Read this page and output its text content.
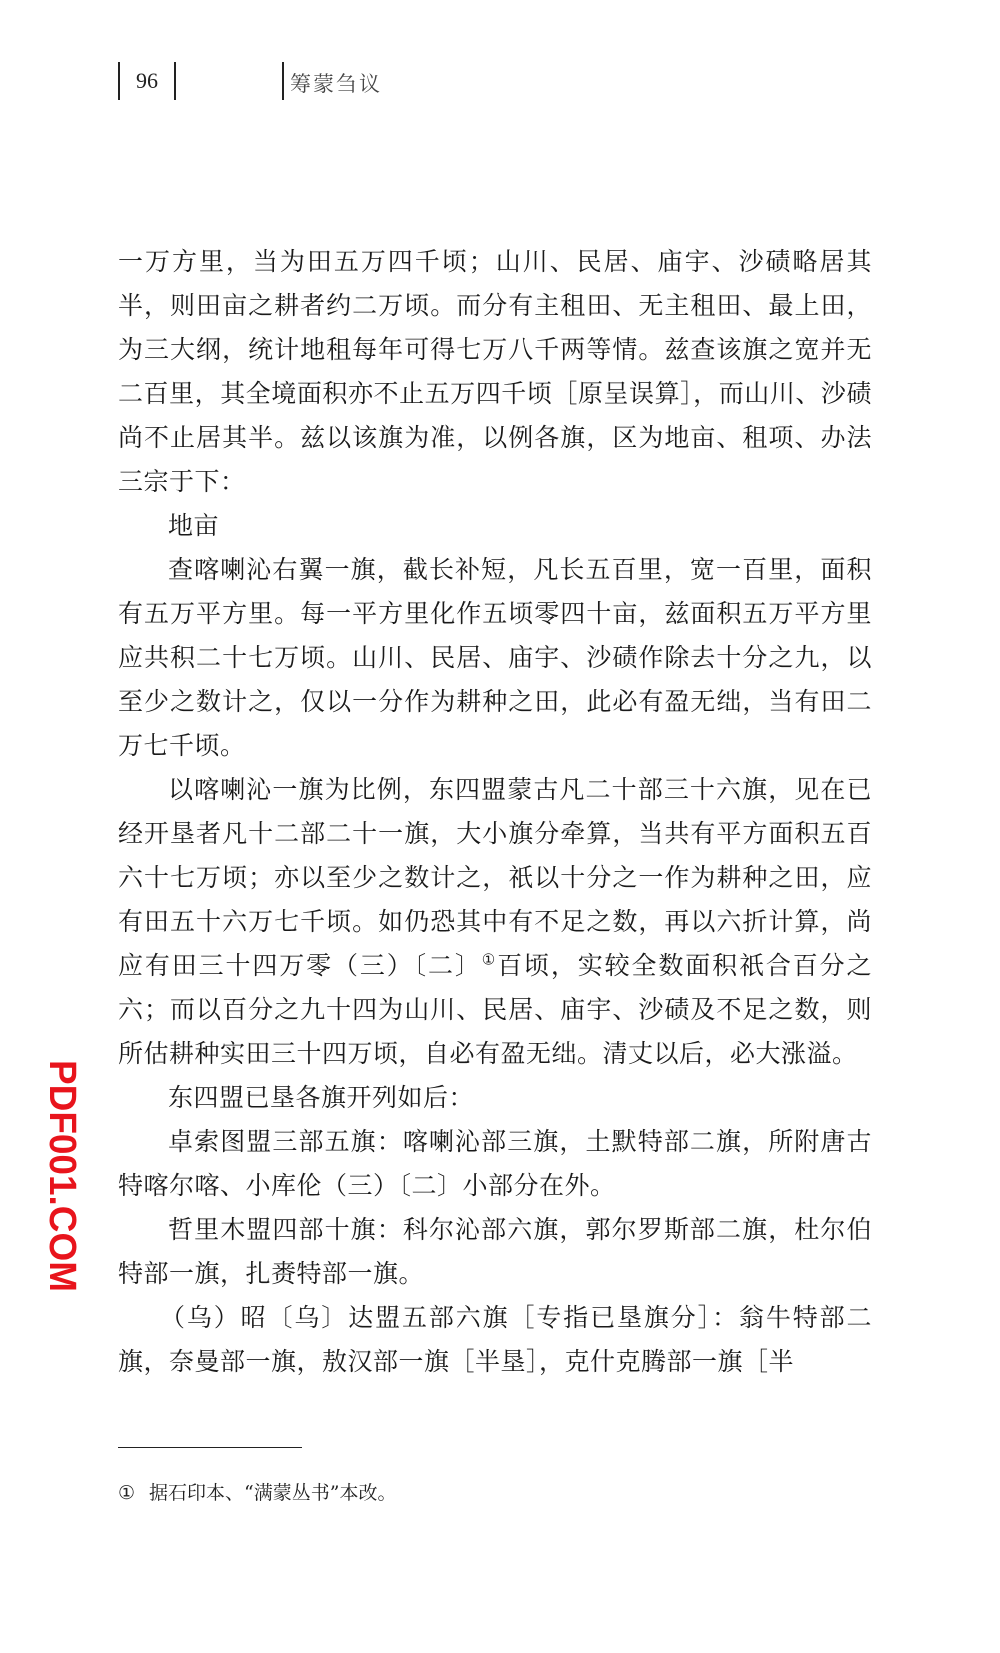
96	筹蒙刍议

一万方里，当为田五万四千顷；山川、民居、庙宇、沙碛略居其半，则田亩之耕者约二万顷。而分有主租田、无主租田、最上田，为三大纲，统计地租每年可得七万八千两等情。兹查该旗之宽并无二百里，其全境面积亦不止五万四千顷［原呈误算］，而山川、沙碛尚不止居其半。兹以该旗为准，以例各旗，区为地亩、租项、办法三宗于下：

地亩

查喀喇沁右翼一旗，截长补短，凡长五百里，宽一百里，面积有五万平方里。每一平方里化作五顷零四十亩，兹面积五万平方里应共积二十七万顷。山川、民居、庙宇、沙碛作除去十分之九，以至少之数计之，仅以一分作为耕种之田，此必有盈无绌，当有田二万七千顷。

以喀喇沁一旗为比例，东四盟蒙古凡二十部三十六旗，见在已经开垦者凡十二部二十一旗，大小旗分牵算，当共有平方面积五百六十七万顷；亦以至少之数计之，祇以十分之一作为耕种之田，应有田五十六万七千顷。如仍恐其中有不足之数，再以六折计算，尚应有田三十四万零（三）〔二〕①百顷，实较全数面积祇合百分之六；而以百分之九十四为山川、民居、庙宇、沙碛及不足之数，则所估耕种实田三十四万顷，自必有盈无绌。清丈以后，必大涨溢。

东四盟已垦各旗开列如后：

卓索图盟三部五旗：喀喇沁部三旗，土默特部二旗，所附唐古特喀尔喀、小库伦（三）〔二〕小部分在外。

哲里木盟四部十旗：科尔沁部六旗，郭尔罗斯部二旗，杜尔伯特部一旗，扎赉特部一旗。

（乌）昭〔乌〕达盟五部六旗［专指已垦旗分］：翁牛特部二旗，奈曼部一旗，敖汉部一旗［半垦］，克什克腾部一旗［半

① 据石印本、“满蒙丛书”本改。
PDF001.COM
